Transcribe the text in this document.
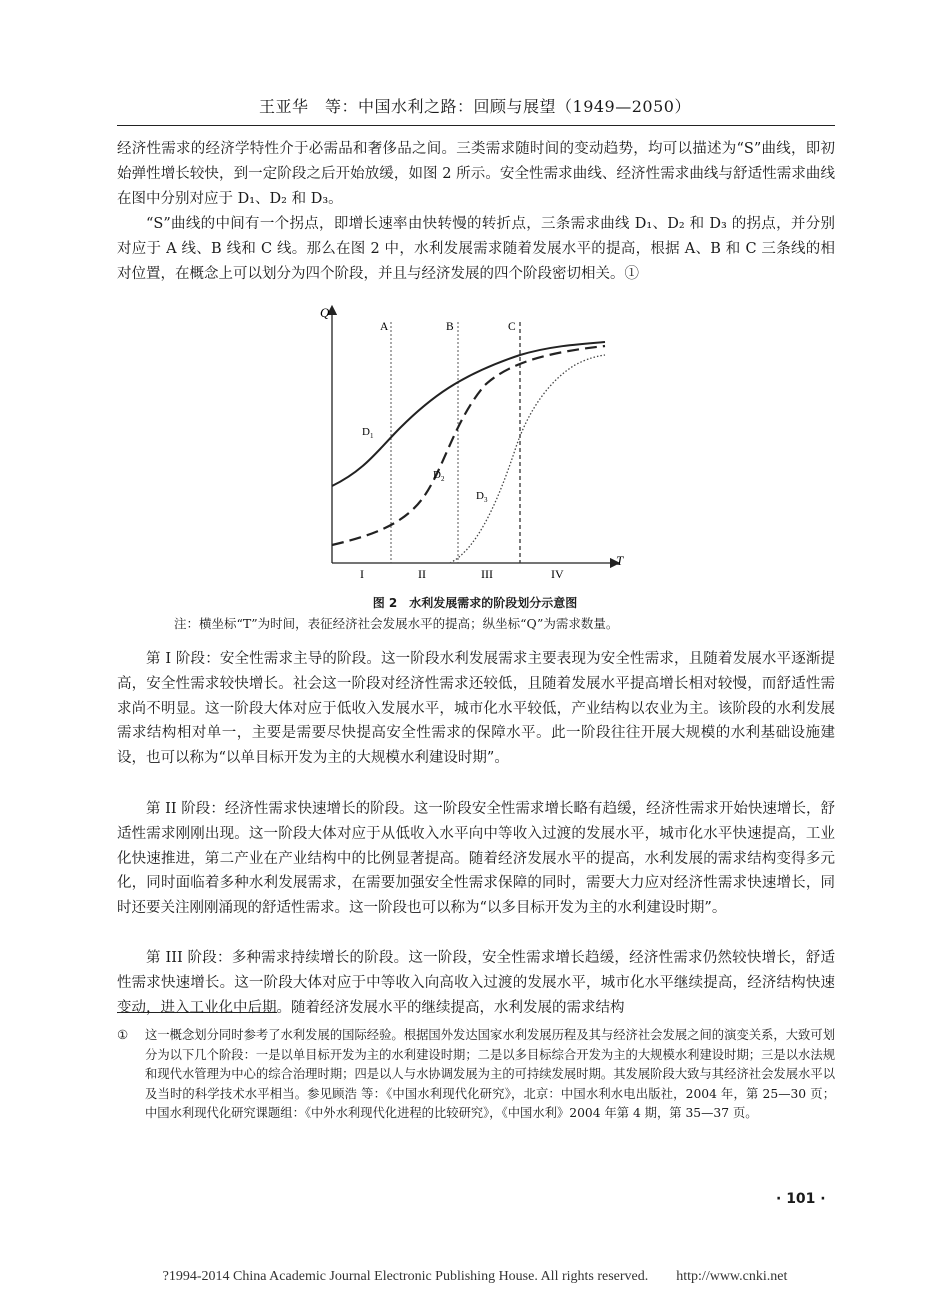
王亚华　等：中国水利之路：回顾与展望（1949—2050）

经济性需求的经济学特性介于必需品和奢侈品之间。三类需求随时间的变动趋势，均可以描述为“S”曲线，即初始弹性增长较快，到一定阶段之后开始放缓，如图 2 所示。安全性需求曲线、经济性需求曲线与舒适性需求曲线在图中分别对应于 D₁、D₂ 和 D₃。

“S”曲线的中间有一个拐点，即增长速率由快转慢的转折点，三条需求曲线 D₁、D₂ 和 D₃ 的拐点，并分别对应于 A 线、B 线和 C 线。那么在图 2 中，水利发展需求随着发展水平的提高，根据 A、B 和 C 三条线的相对位置，在概念上可以划分为四个阶段，并且与经济发展的四个阶段密切相关。①

Q
T
A	B	C
$D_1$
$D_2$
$D_3$
I	II	III	IV
图 2　水利发展需求的阶段划分示意图
注：横坐标“T”为时间，表征经济社会发展水平的提高；纵坐标“Q”为需求数量。

第 I 阶段：安全性需求主导的阶段。这一阶段水利发展需求主要表现为安全性需求，且随着发展水平逐渐提高，安全性需求较快增长。社会这一阶段对经济性需求还较低，且随着发展水平提高增长相对较慢，而舒适性需求尚不明显。这一阶段大体对应于低收入发展水平，城市化水平较低，产业结构以农业为主。该阶段的水利发展需求结构相对单一，主要是需要尽快提高安全性需求的保障水平。此一阶段往往开展大规模的水利基础设施建设，也可以称为“以单目标开发为主的大规模水利建设时期”。

第 II 阶段：经济性需求快速增长的阶段。这一阶段安全性需求增长略有趋缓，经济性需求开始快速增长，舒适性需求刚刚出现。这一阶段大体对应于从低收入水平向中等收入过渡的发展水平，城市化水平快速提高，工业化快速推进，第二产业在产业结构中的比例显著提高。随着经济发展水平的提高，水利发展的需求结构变得多元化，同时面临着多种水利发展需求，在需要加强安全性需求保障的同时，需要大力应对经济性需求快速增长，同时还要关注刚刚涌现的舒适性需求。这一阶段也可以称为“以多目标开发为主的水利建设时期”。

第 III 阶段：多种需求持续增长的阶段。这一阶段，安全性需求增长趋缓，经济性需求仍然较快增长，舒适性需求快速增长。这一阶段大体对应于中等收入向高收入过渡的发展水平，城市化水平继续提高，经济结构快速变动，进入工业化中后期。随着经济发展水平的继续提高，水利发展的需求结构

① 这一概念划分同时参考了水利发展的国际经验。根据国外发达国家水利发展历程及其与经济社会发展之间的演变关系，大致可划分为以下几个阶段：一是以单目标开发为主的水利建设时期；二是以多目标综合开发为主的大规模水利建设时期；三是以水法规和现代水管理为中心的综合治理时期；四是以人与水协调发展为主的可持续发展时期。其发展阶段大致与其经济社会发展水平以及当时的科学技术水平相当。参见顾浩 等：《中国水利现代化研究》，北京：中国水利水电出版社，2004 年，第 25—30 页；中国水利现代化研究课题组：《中外水利现代化进程的比较研究》，《中国水利》2004 年第 4 期，第 35—37 页。
· 101 ·
?1994-2014 China Academic Journal Electronic Publishing House. All rights reserved.　　http://www.cnki.net
